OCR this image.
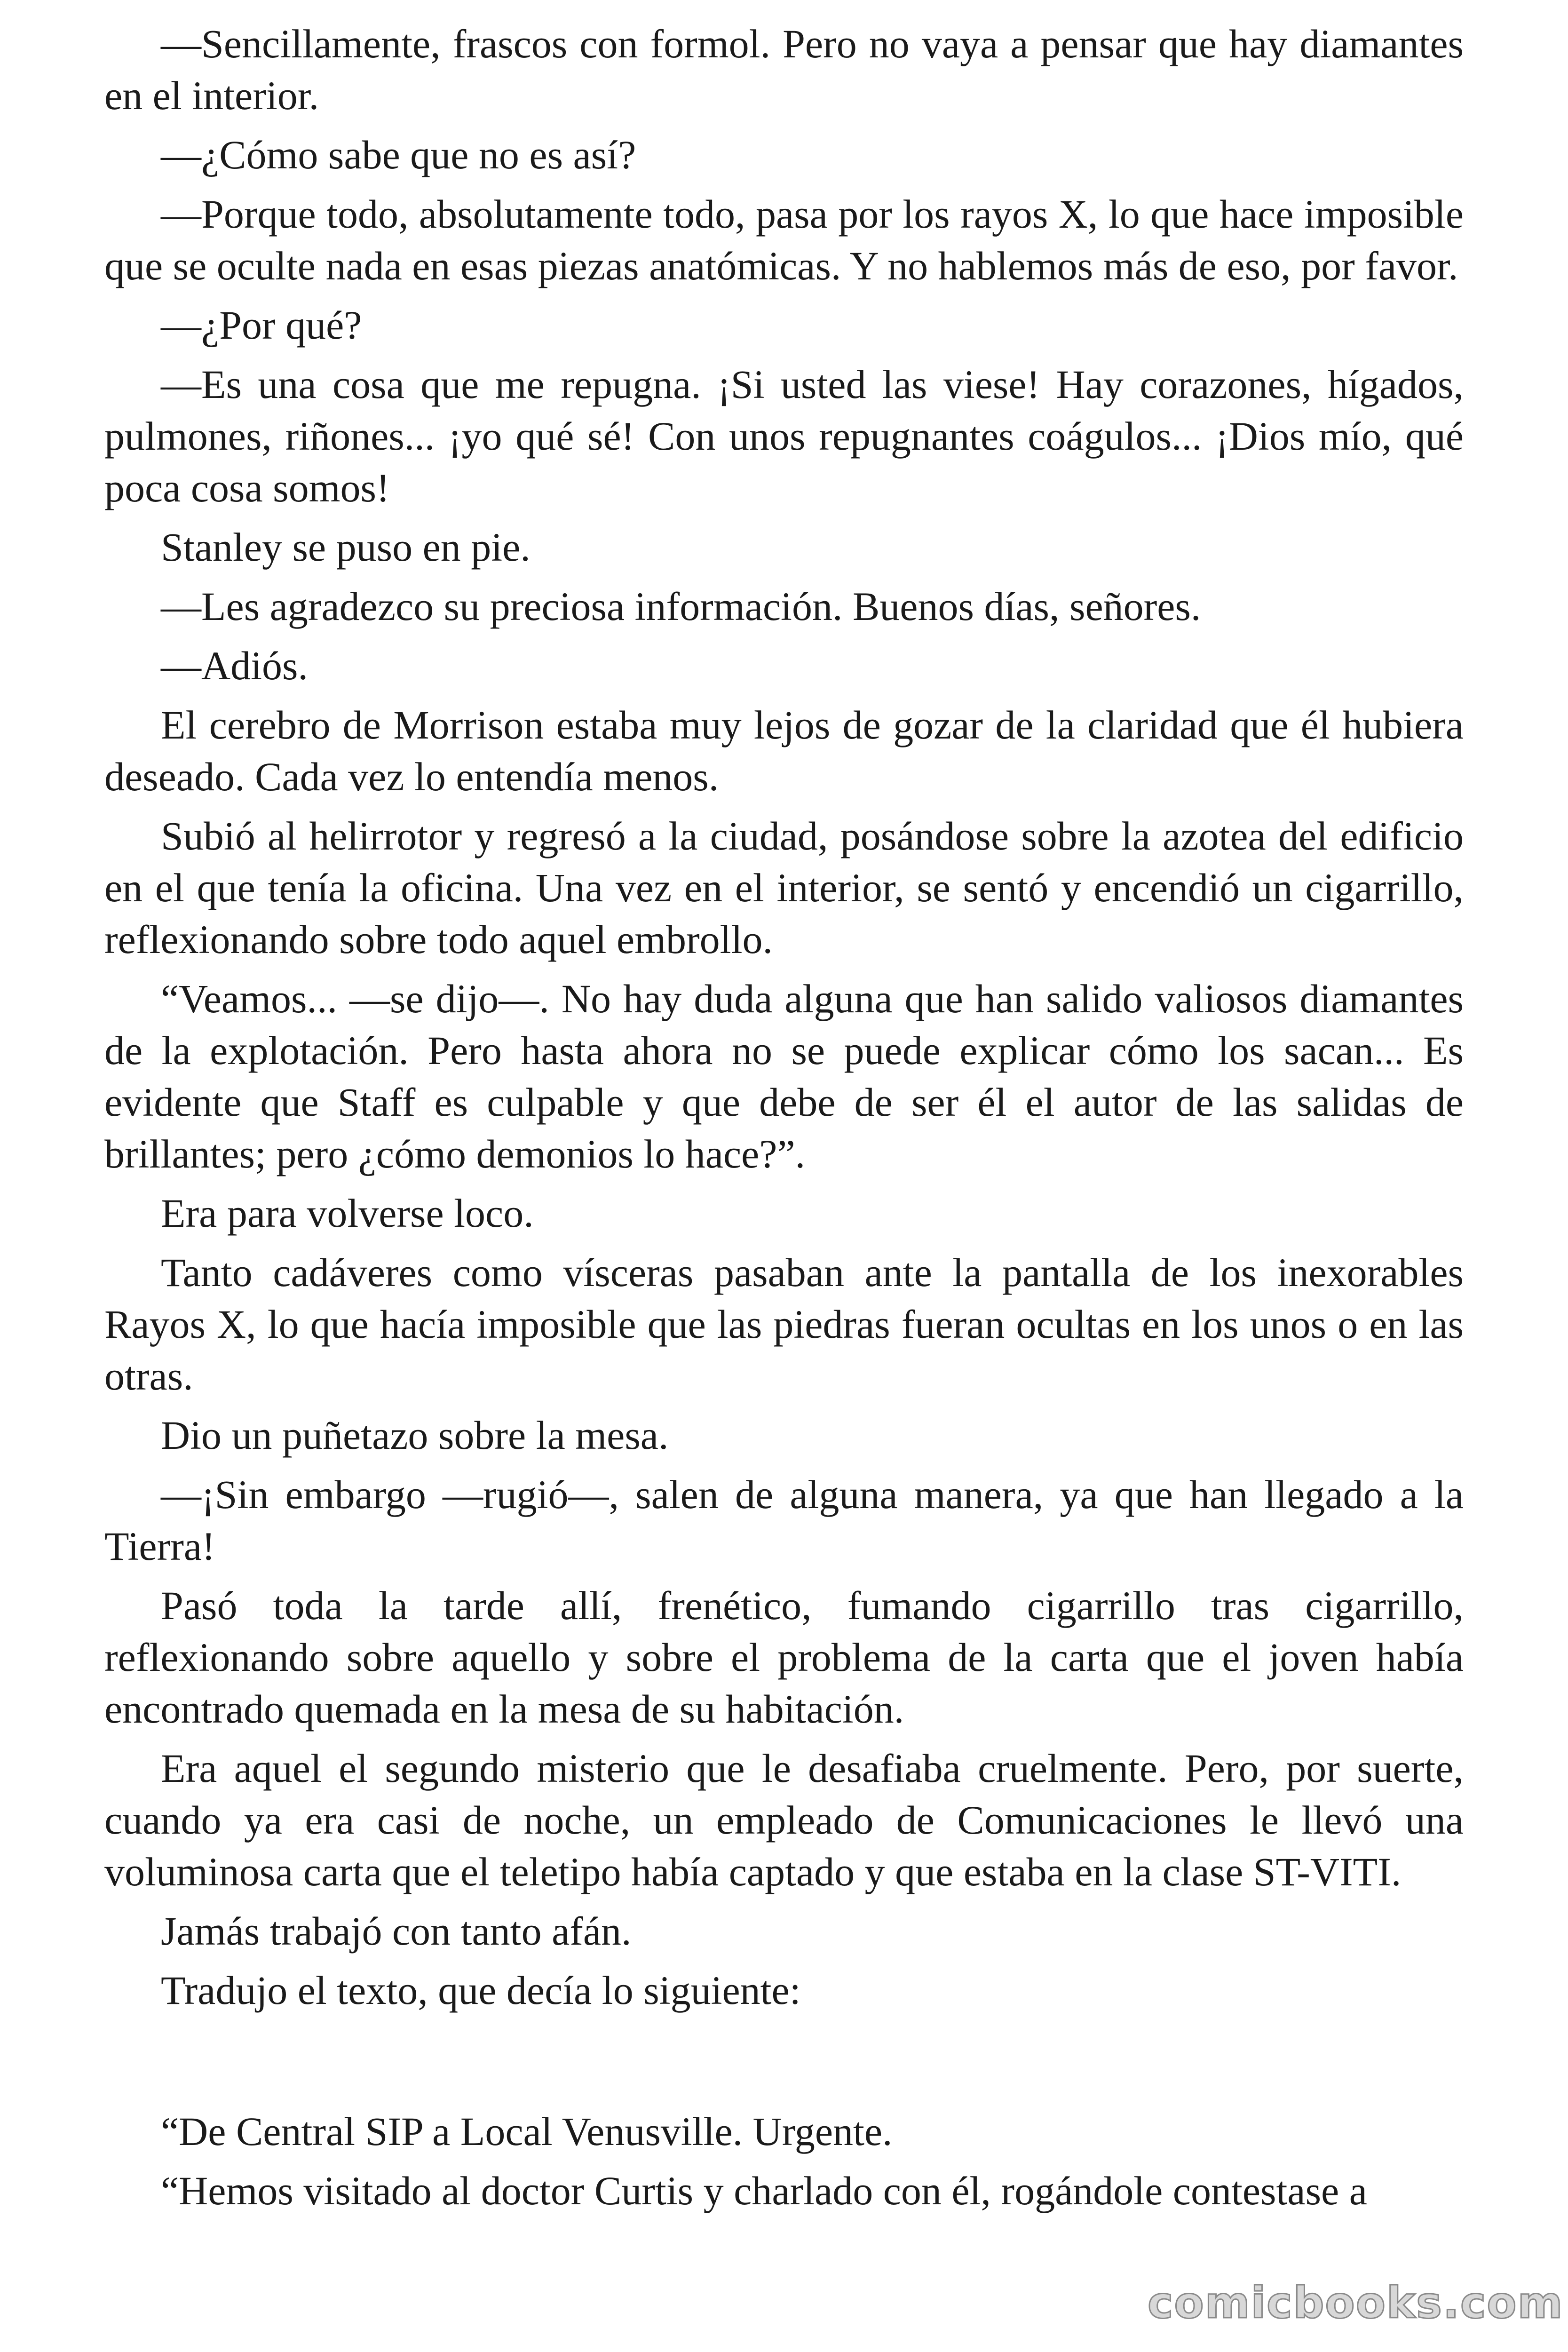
—Sencillamente, frascos con formol. Pero no vaya a pensar que hay diamantes en el interior.

—¿Cómo sabe que no es así?

—Porque todo, absolutamente todo, pasa por los rayos X, lo que hace imposible que se oculte nada en esas piezas anatómicas. Y no hablemos más de eso, por favor.

—¿Por qué?

—Es una cosa que me repugna. ¡Si usted las viese! Hay corazones, hígados, pulmones, riñones... ¡yo qué sé! Con unos repugnantes coágulos... ¡Dios mío, qué poca cosa somos!

Stanley se puso en pie.

—Les agradezco su preciosa información. Buenos días, señores.

—Adiós.

El cerebro de Morrison estaba muy lejos de gozar de la claridad que él hubiera deseado. Cada vez lo entendía menos.

Subió al helirrotor y regresó a la ciudad, posándose sobre la azotea del edificio en el que tenía la oficina. Una vez en el interior, se sentó y encendió un cigarrillo, reflexionando sobre todo aquel embrollo.

“Veamos... —se dijo—. No hay duda alguna que han salido valiosos diamantes de la explotación. Pero hasta ahora no se puede explicar cómo los sacan... Es evidente que Staff es culpable y que debe de ser él el autor de las salidas de brillantes; pero ¿cómo demonios lo hace?”.

Era para volverse loco.

Tanto cadáveres como vísceras pasaban ante la pantalla de los inexorables Rayos X, lo que hacía imposible que las piedras fueran ocultas en los unos o en las otras.

Dio un puñetazo sobre la mesa.

—¡Sin embargo —rugió—, salen de alguna manera, ya que han llegado a la Tierra!

Pasó toda la tarde allí, frenético, fumando cigarrillo tras cigarrillo, reflexionando sobre aquello y sobre el problema de la carta que el joven había encontrado quemada en la mesa de su habitación.

Era aquel el segundo misterio que le desafiaba cruelmente. Pero, por suerte, cuando ya era casi de noche, un empleado de Comunicaciones le llevó una voluminosa carta que el teletipo había captado y que estaba en la clase ST-VITI.

Jamás trabajó con tanto afán.

Tradujo el texto, que decía lo siguiente:

“De Central SIP a Local Venusville. Urgente.

“Hemos visitado al doctor Curtis y charlado con él, rogándole contestase a

comicbooks.com
